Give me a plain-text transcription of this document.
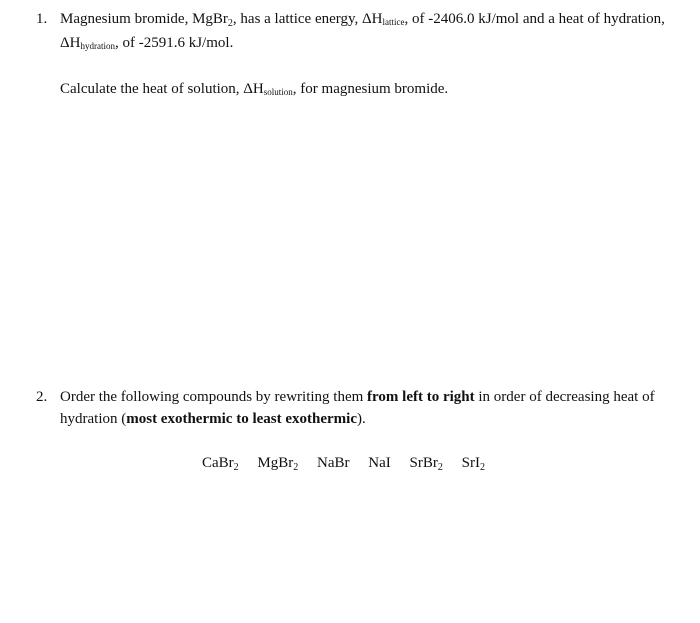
1. Magnesium bromide, MgBr$_2$, has a lattice energy, ΔHlattice, of -2406.0 kJ/mol and a heat of hydration, ΔHhydration, of -2591.6 kJ/mol.
Calculate the heat of solution, ΔHsolution, for magnesium bromide.
2. Order the following compounds by rewriting them from left to right in order of decreasing heat of hydration (most exothermic to least exothermic).
CaBr$_2$ MgBr$_2$ NaBr NaI SrBr$_2$ SrI$_2$
